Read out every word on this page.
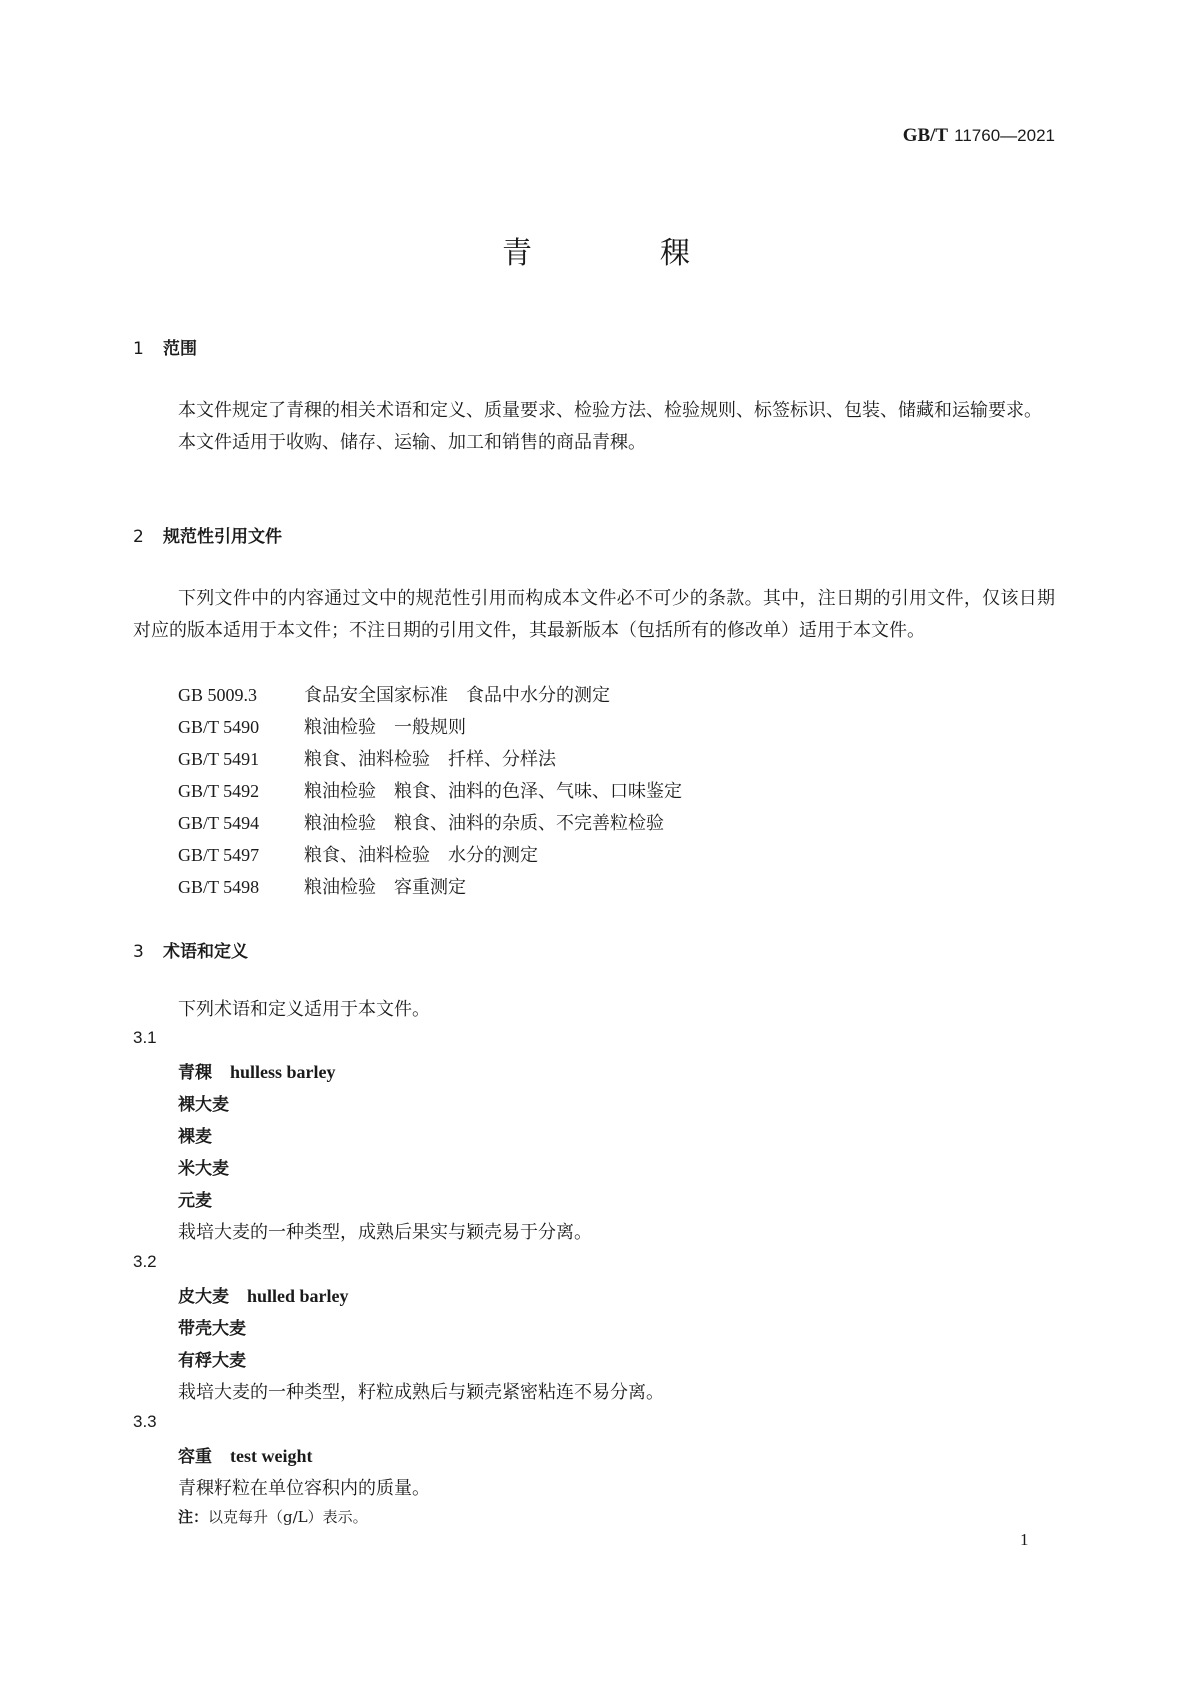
GB/T 11760—2021
青	稞
1 范围

本文件规定了青稞的相关术语和定义、质量要求、检验方法、检验规则、标签标识、包装、储藏和运输要求。

本文件适用于收购、储存、运输、加工和销售的商品青稞。

2 规范性引用文件

下列文件中的内容通过文中的规范性引用而构成本文件必不可少的条款。其中，注日期的引用文件，仅该日期对应的版本适用于本文件；不注日期的引用文件，其最新版本（包括所有的修改单）适用于本文件。

GB 5009.3	食品安全国家标准 食品中水分的测定
GB/T 5490 粮油检验 一般规则
GB/T 5491 粮食、油料检验 扦样、分样法
GB/T 5492 粮油检验 粮食、油料的色泽、气味、口味鉴定
GB/T 5494 粮油检验 粮食、油料的杂质、不完善粒检验
GB/T 5497 粮食、油料检验 水分的测定
GB/T 5498 粮油检验 容重测定
3 术语和定义
下列术语和定义适用于本文件。
3.1
青稞 hulless barley
裸大麦
裸麦
米大麦
元麦
栽培大麦的一种类型，成熟后果实与颖壳易于分离。
3.2
皮大麦 hulled barley
带壳大麦
有稃大麦
栽培大麦的一种类型，籽粒成熟后与颖壳紧密粘连不易分离。
3.3
容重 test weight
青稞籽粒在单位容积内的质量。
注：以克每升（g/L）表示。
1
